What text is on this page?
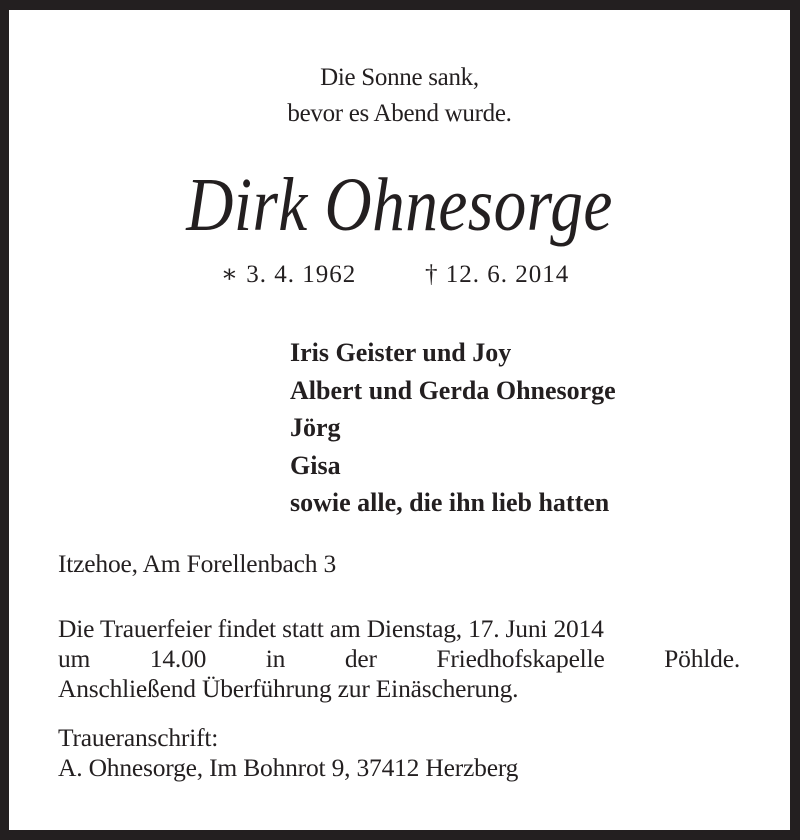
Die Sonne sank,
bevor es Abend wurde.
Dirk Ohnesorge
∗ 3. 4. 1962	† 12. 6. 2014
Iris Geister und Joy
Albert und Gerda Ohnesorge
Jörg
Gisa
sowie alle, die ihn lieb hatten
Itzehoe, Am Forellenbach 3
Die Trauerfeier findet statt am Dienstag, 17. Juni 2014
um 14.00 in der Friedhofskapelle Pöhlde.
Anschließend Überführung zur Einäscherung.
Traueranschrift:
A. Ohnesorge, Im Bohnrot 9, 37412 Herzberg
